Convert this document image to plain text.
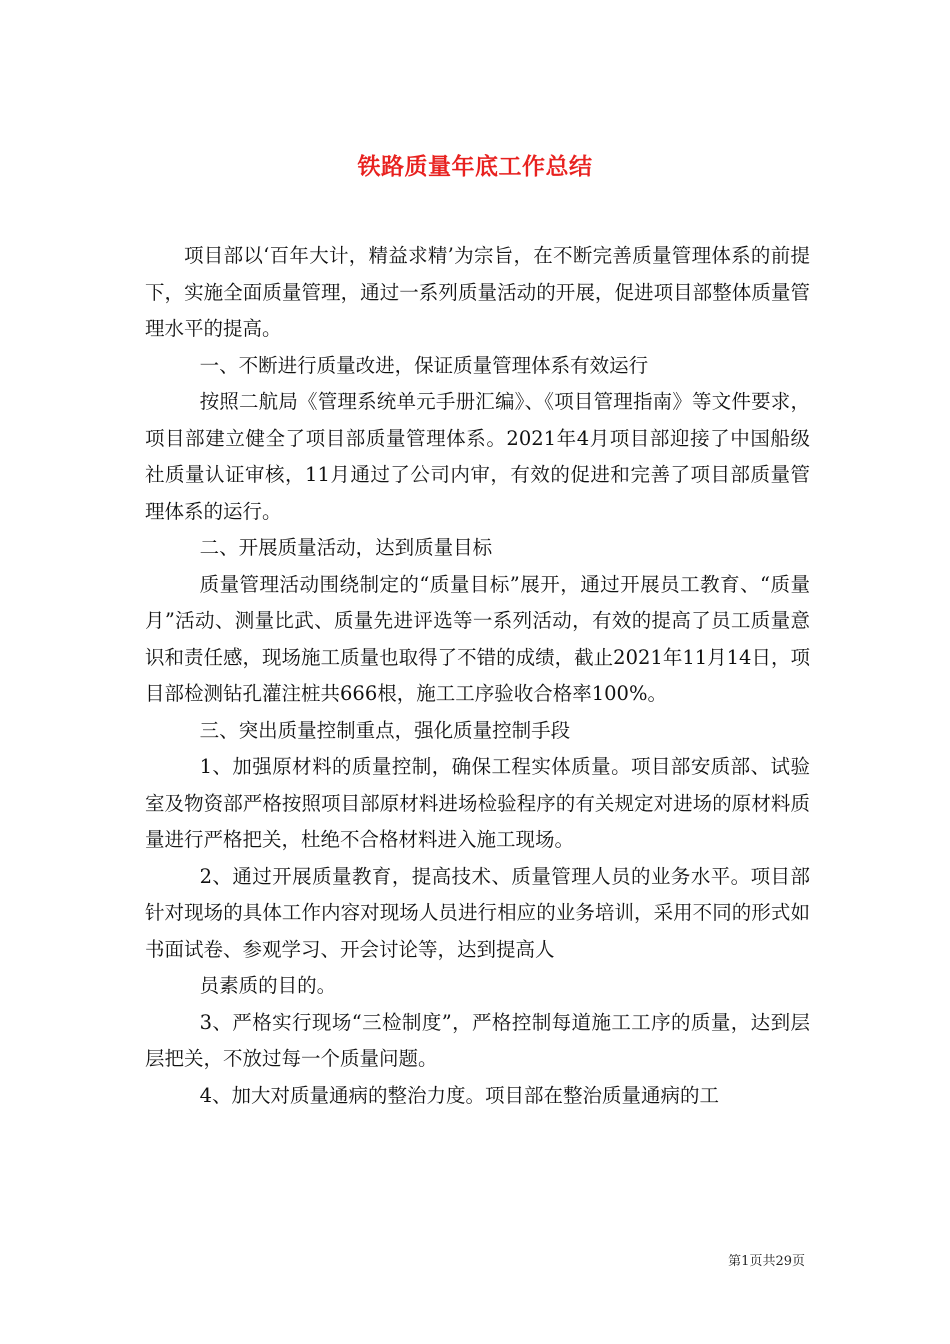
铁路质量年底工作总结

项目部以‘百年大计，精益求精’为宗旨，在不断完善质量管理体系的前提下，实施全面质量管理，通过一系列质量活动的开展，促进项目部整体质量管理水平的提高。

一、不断进行质量改进，保证质量管理体系有效运行

按照二航局《管理系统单元手册汇编》、《项目管理指南》等文件要求，项目部建立健全了项目部质量管理体系。2021年4月项目部迎接了中国船级社质量认证审核，11月通过了公司内审，有效的促进和完善了项目部质量管理体系的运行。

二、开展质量活动，达到质量目标

质量管理活动围绕制定的“质量目标”展开，通过开展员工教育、“质量月”活动、测量比武、质量先进评选等一系列活动，有效的提高了员工质量意识和责任感，现场施工质量也取得了不错的成绩，截止2021年11月14日，项目部检测钻孔灌注桩共666根，施工工序验收合格率100%。

三、突出质量控制重点，强化质量控制手段

1、加强原材料的质量控制，确保工程实体质量。项目部安质部、试验室及物资部严格按照项目部原材料进场检验程序的有关规定对进场的原材料质量进行严格把关，杜绝不合格材料进入施工现场。

2、通过开展质量教育，提高技术、质量管理人员的业务水平。项目部针对现场的具体工作内容对现场人员进行相应的业务培训，采用不同的形式如书面试卷、参观学习、开会讨论等，达到提高人

员素质的目的。

3、严格实行现场“三检制度”，严格控制每道施工工序的质量，达到层层把关，不放过每一个质量问题。

4、加大对质量通病的整治力度。项目部在整治质量通病的工

第1页共29页
